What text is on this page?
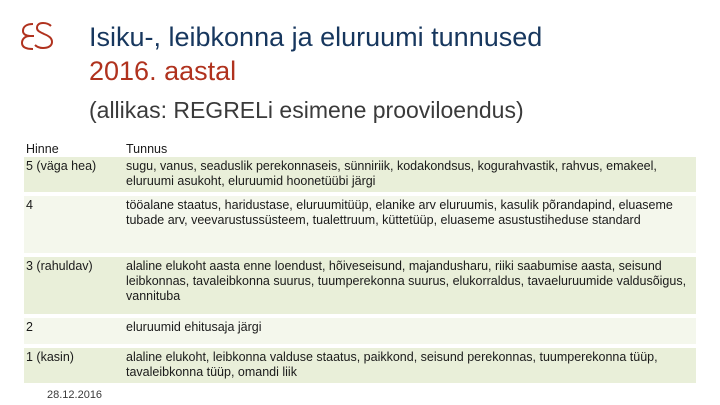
Isiku-, leibkonna ja eluruumi tunnused
2016. aastal
(allikas: REGRELi esimene prooviloendus)
Hinne	Tunnus
5 (väga hea)	sugu, vanus, seaduslik perekonnaseis, sünniriik, kodakondsus, kogurahvastik, rahvus, emakeel, eluruumi asukoht, eluruumid hoonetüübi järgi
4	tööalane staatus, haridustase, eluruumitüüp, elanike arv eluruumis, kasulik põrandapind, eluaseme tubade arv, veevarustussüsteem, tualettruum, küttetüüp, eluaseme asustustiheduse standard
3 (rahuldav)	alaline elukoht aasta enne loendust, hõiveseisund, majandusharu, riiki saabumise aasta, seisund leibkonnas, tavaleibkonna suurus, tuumperekonna suurus, elukorraldus, tavaeluruumide valdusõigus, vannituba
2	eluruumid ehitusaja järgi
1 (kasin)	alaline elukoht, leibkonna valduse staatus, paikkond, seisund perekonnas, tuumperekonna tüüp, tavaleibkonna tüüp, omandi liik
28.12.2016
